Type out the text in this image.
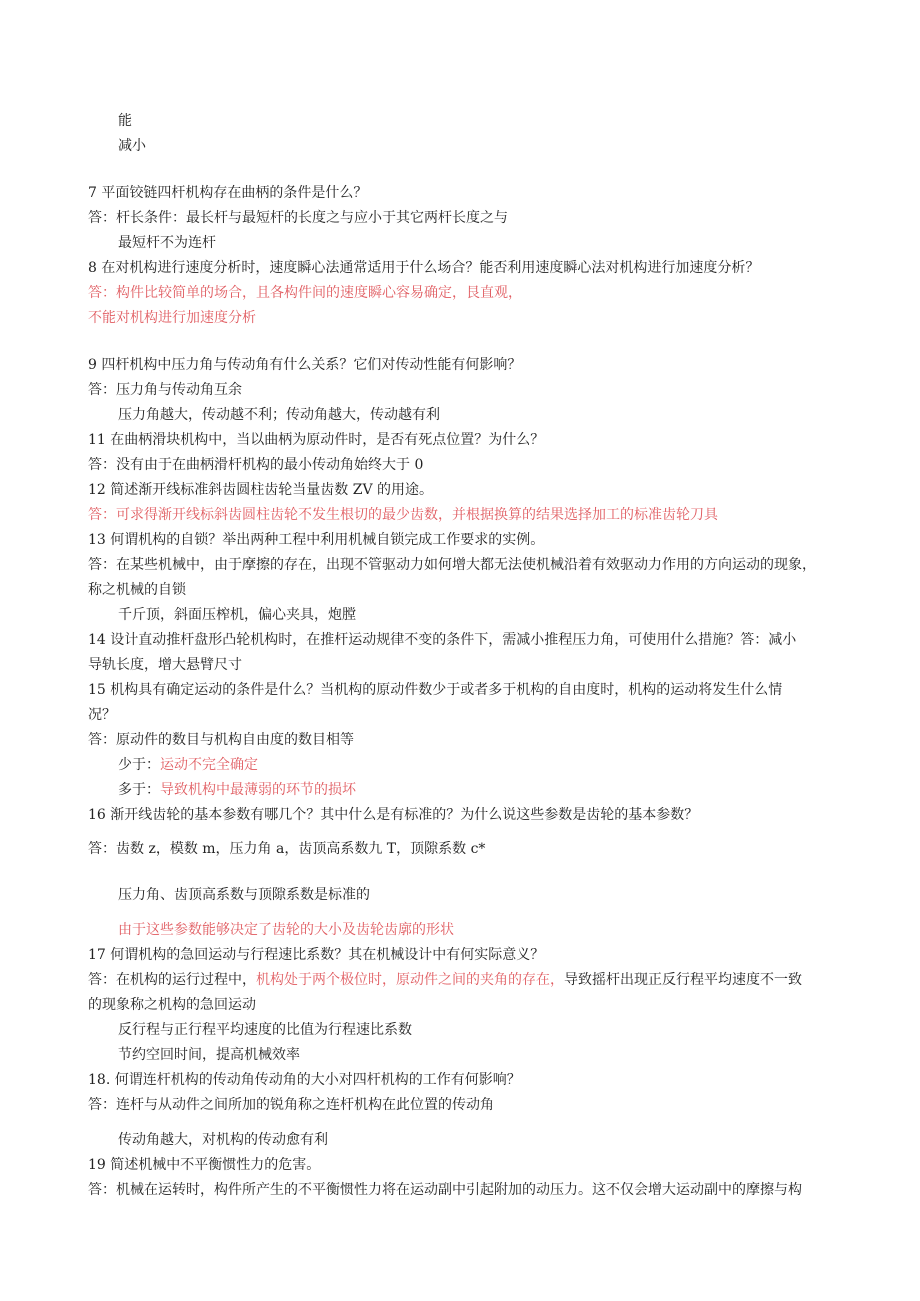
能
减小
7 平面铰链四杆机构存在曲柄的条件是什么？
答：杆长条件：最长杆与最短杆的长度之与应小于其它两杆长度之与
最短杆不为连杆
8 在对机构进行速度分析时，速度瞬心法通常适用于什么场合？能否利用速度瞬心法对机构进行加速度分析？
答：构件比较简单的场合，且各构件间的速度瞬心容易确定，艮直观，
不能对机构进行加速度分析
9 四杆机构中压力角与传动角有什么关系？它们对传动性能有何影响？
答：压力角与传动角互余
压力角越大，传动越不利；传动角越大，传动越有利
11 在曲柄滑块机构中，当以曲柄为原动件时，是否有死点位置？为什么？
答：没有由于在曲柄滑杆机构的最小传动角始终大于 0
12 简述渐开线标准斜齿圆柱齿轮当量齿数 ZV 的用途。
答：可求得渐开线标斜齿圆柱齿轮不发生根切的最少齿数，并根据换算的结果选择加工的标准齿轮刀具
13 何谓机构的自锁？举出两种工程中利用机械自锁完成工作要求的实例。
答：在某些机械中，由于摩擦的存在，出现不管驱动力如何增大都无法使机械沿着有效驱动力作用的方向运动的现象，
称之机械的自锁
千斤顶，斜面压榨机，偏心夹具，炮膛
14 设计直动推杆盘形凸轮机构时，在推杆运动规律不变的条件下，需减小推程压力角，可使用什么措施？答：减小
导轨长度，增大悬臂尺寸
15 机构具有确定运动的条件是什么？当机构的原动件数少于或者多于机构的自由度时，机构的运动将发生什么情
况？
答：原动件的数目与机构自由度的数目相等
少于：运动不完全确定
多于：导致机构中最薄弱的环节的损坏
16 渐开线齿轮的基本参数有哪几个？其中什么是有标准的？为什么说这些参数是齿轮的基本参数？
答：齿数 z，模数 m，压力角 a，齿顶高系数九 T，顶隙系数 c*
压力角、齿顶高系数与顶隙系数是标准的
由于这些参数能够决定了齿轮的大小及齿轮齿廓的形状
17 何谓机构的急回运动与行程速比系数？其在机械设计中有何实际意义？
答：在机构的运行过程中，机构处于两个极位时，原动件之间的夹角的存在，导致摇杆出现正反行程平均速度不一致
的现象称之机构的急回运动
反行程与正行程平均速度的比值为行程速比系数
节约空回时间，提高机械效率
18. 何谓连杆机构的传动角传动角的大小对四杆机构的工作有何影响？
答：连杆与从动件之间所加的锐角称之连杆机构在此位置的传动角
传动角越大，对机构的传动愈有利
19 简述机械中不平衡惯性力的危害。
答：机械在运转时，构件所产生的不平衡惯性力将在运动副中引起附加的动压力。这不仅会增大运动副中的摩擦与构
